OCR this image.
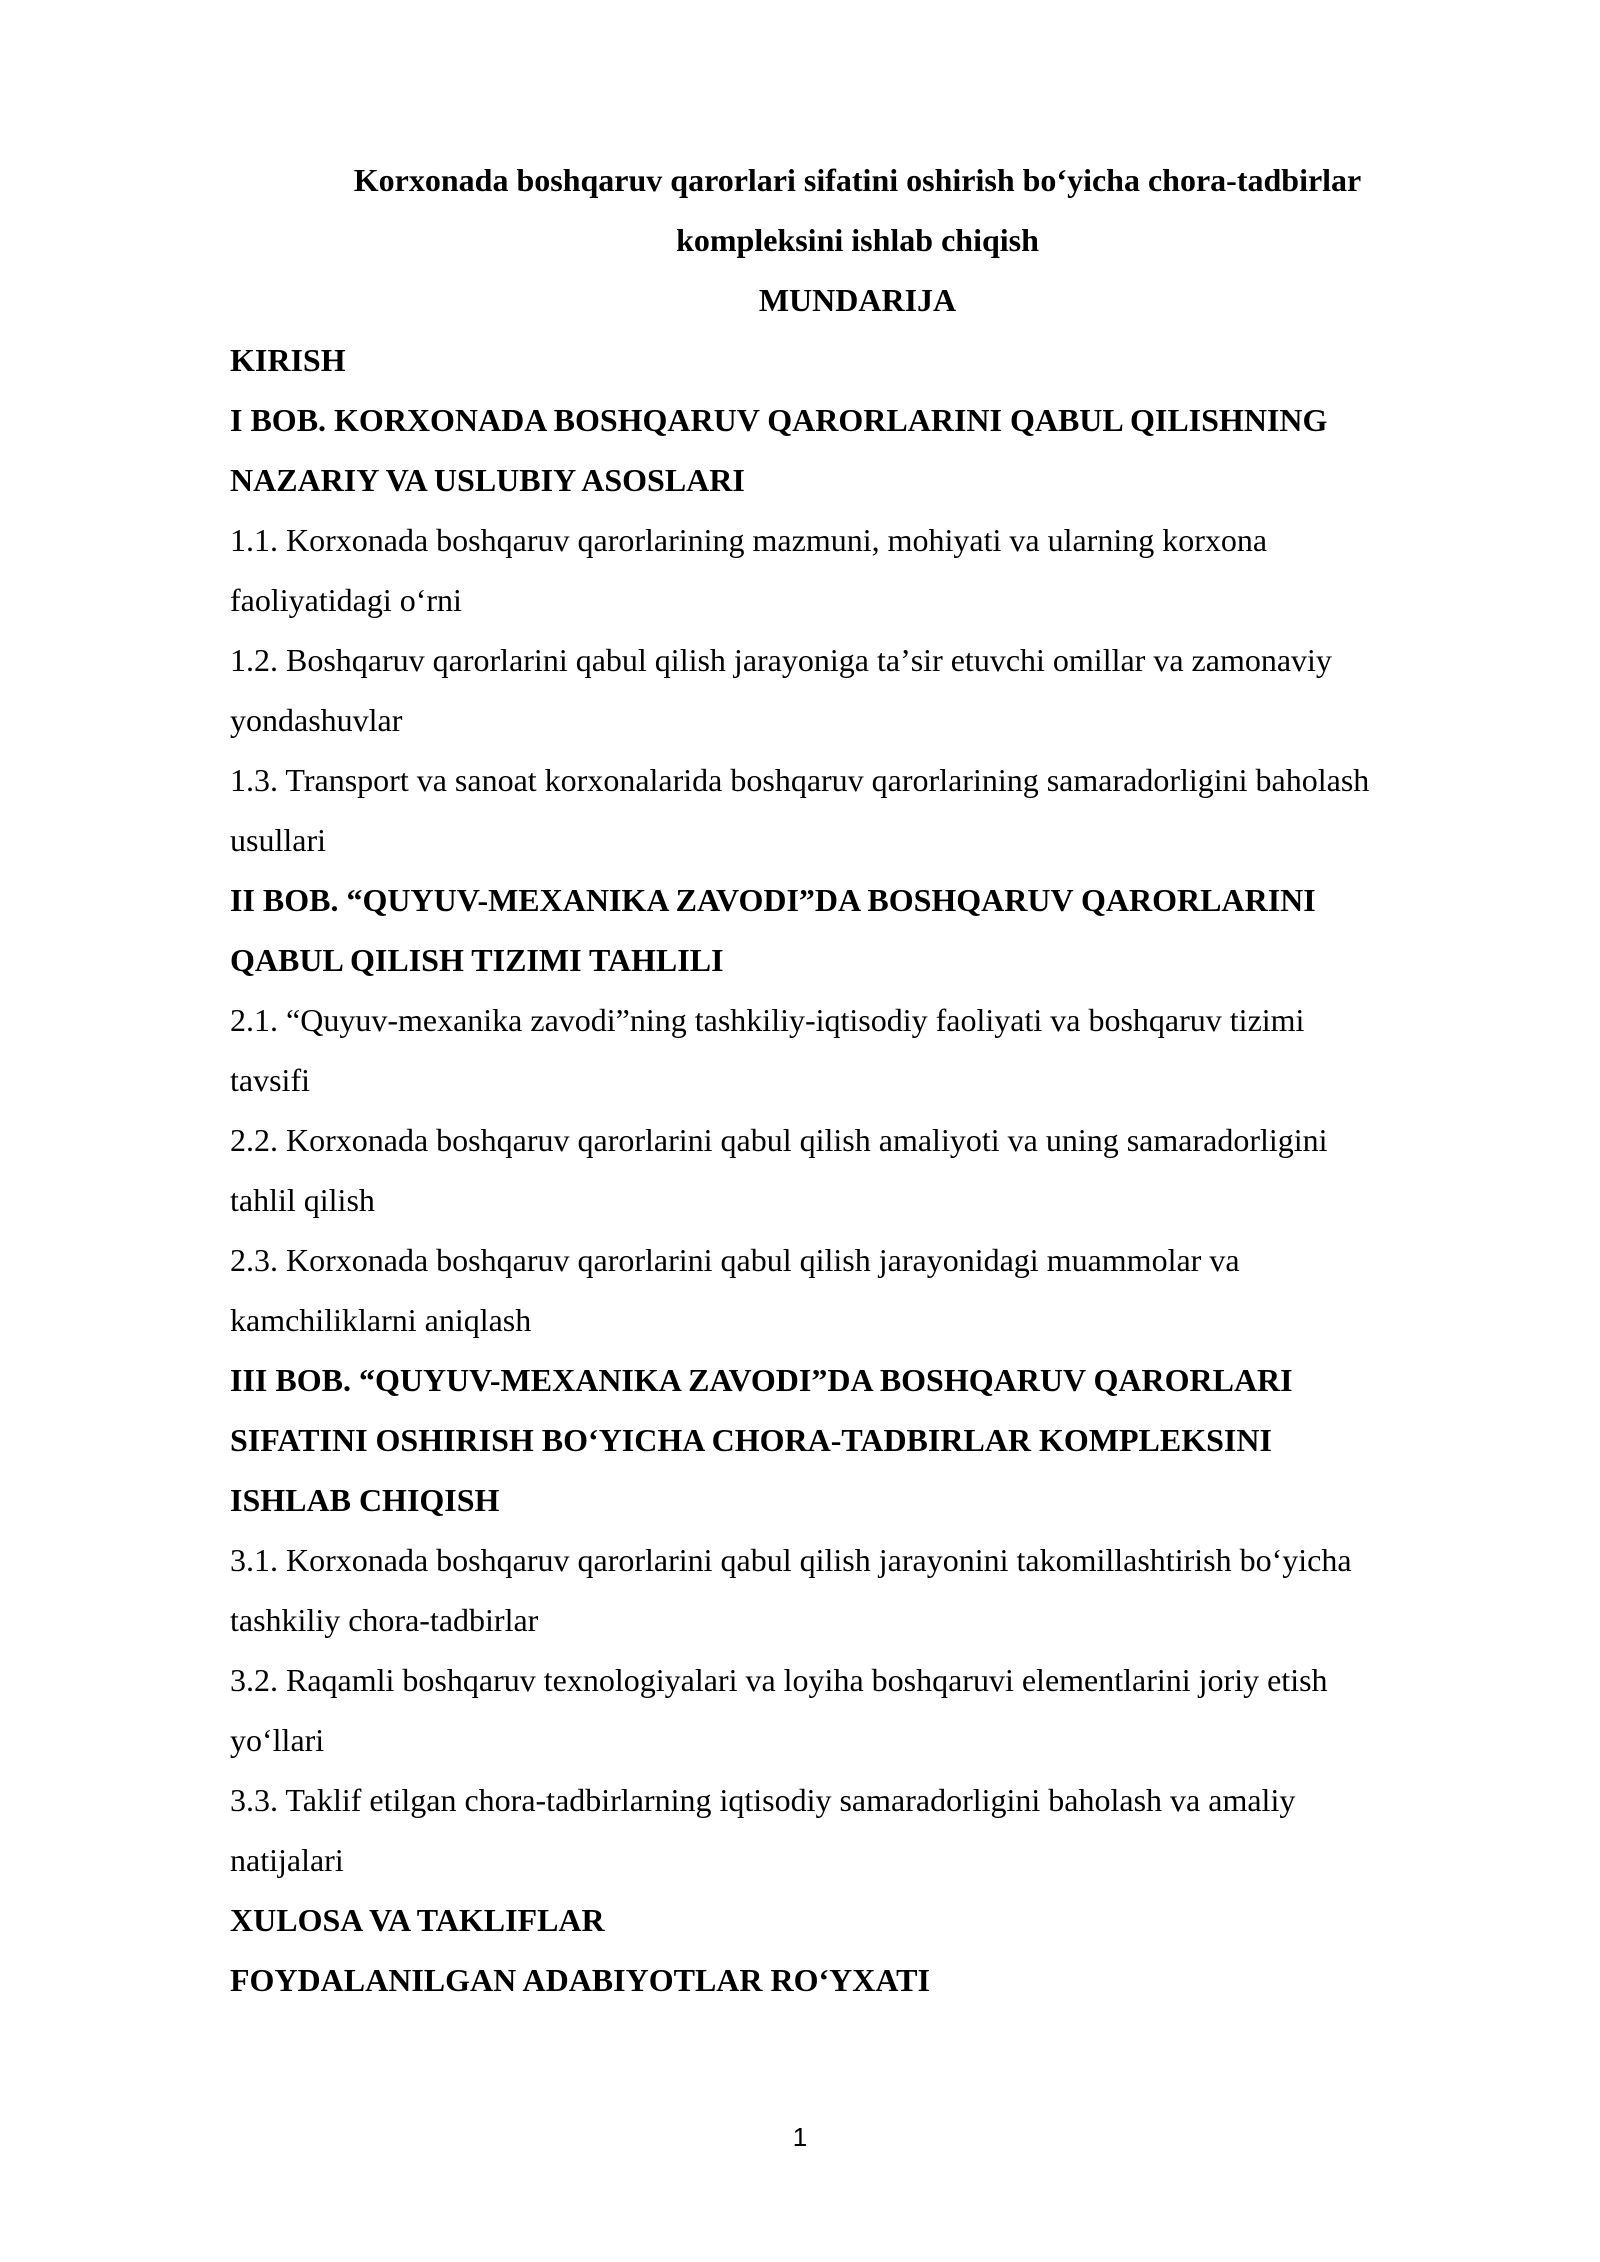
Korxonada boshqaruv qarorlari sifatini oshirish boʻyicha chora-tadbirlar
kompleksini ishlab chiqish
MUNDARIJA
KIRISH
I BOB. KORXONADA BOSHQARUV QARORLARINI QABUL QILISHNING
NAZARIY VA USLUBIY ASOSLARI
1.1. Korxonada boshqaruv qarorlarining mazmuni, mohiyati va ularning korxona
faoliyatidagi oʻrni
1.2. Boshqaruv qarorlarini qabul qilish jarayoniga taʼsir etuvchi omillar va zamonaviy
yondashuvlar
1.3. Transport va sanoat korxonalarida boshqaruv qarorlarining samaradorligini baholash
usullari
II BOB. “QUYUV-MEXANIKA ZAVODI”DA BOSHQARUV QARORLARINI
QABUL QILISH TIZIMI TAHLILI
2.1. “Quyuv-mexanika zavodi”ning tashkiliy-iqtisodiy faoliyati va boshqaruv tizimi
tavsifi
2.2. Korxonada boshqaruv qarorlarini qabul qilish amaliyoti va uning samaradorligini
tahlil qilish
2.3. Korxonada boshqaruv qarorlarini qabul qilish jarayonidagi muammolar va
kamchiliklarni aniqlash
III BOB. “QUYUV-MEXANIKA ZAVODI”DA BOSHQARUV QARORLARI
SIFATINI OSHIRISH BOʻYICHA CHORA-TADBIRLAR KOMPLEKSINI
ISHLAB CHIQISH
3.1. Korxonada boshqaruv qarorlarini qabul qilish jarayonini takomillashtirish boʻyicha
tashkiliy chora-tadbirlar
3.2. Raqamli boshqaruv texnologiyalari va loyiha boshqaruvi elementlarini joriy etish
yoʻllari
3.3. Taklif etilgan chora-tadbirlarning iqtisodiy samaradorligini baholash va amaliy
natijalari
XULOSA VA TAKLIFLAR
FOYDALANILGAN ADABIYOTLAR ROʻYXATI
1
